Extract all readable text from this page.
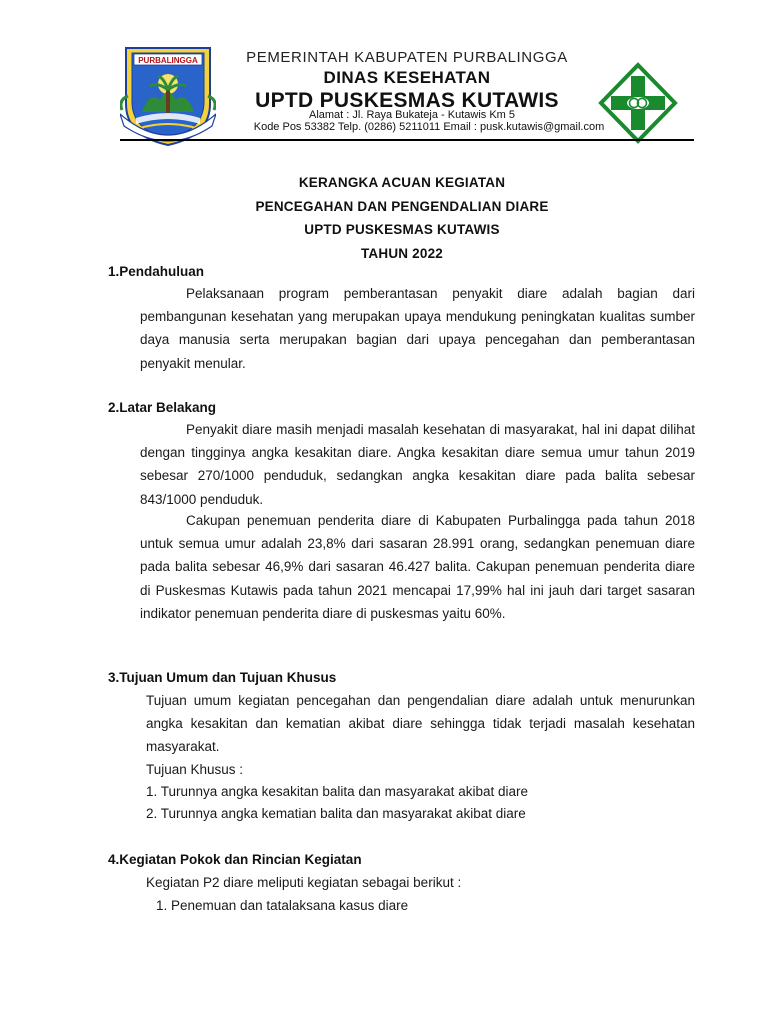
PURBALINGGA	PEMERINTAH KABUPATEN PURBALINGGA
DINAS KESEHATAN
UPTD PUSKESMAS KUTAWIS
Alamat : Jl. Raya Bukateja - Kutawis Km 5
Kode Pos 53382 Telp. (0286) 5211011 Email : pusk.kutawis@gmail.com
KERANGKA ACUAN KEGIATAN
PENCEGAHAN DAN PENGENDALIAN DIARE
UPTD PUSKESMAS KUTAWIS
TAHUN 2022
1.Pendahuluan

Pelaksanaan program pemberantasan penyakit diare adalah bagian dari pembangunan kesehatan yang merupakan upaya mendukung peningkatan kualitas sumber daya manusia serta merupakan bagian dari upaya pencegahan dan pemberantasan penyakit menular.

2.Latar Belakang

Penyakit diare masih menjadi masalah kesehatan di masyarakat, hal ini dapat dilihat dengan tingginya angka kesakitan diare. Angka kesakitan diare semua umur tahun 2019 sebesar 270/1000 penduduk, sedangkan angka kesakitan diare pada balita sebesar 843/1000 penduduk.

Cakupan penemuan penderita diare di Kabupaten Purbalingga pada tahun 2018 untuk semua umur adalah 23,8% dari sasaran 28.991 orang, sedangkan penemuan diare pada balita sebesar 46,9% dari sasaran 46.427 balita. Cakupan penemuan penderita diare di Puskesmas Kutawis pada tahun 2021 mencapai 17,99% hal ini jauh dari target sasaran indikator penemuan penderita diare di puskesmas yaitu 60%.

3.Tujuan Umum dan Tujuan Khusus

Tujuan umum kegiatan pencegahan dan pengendalian diare adalah untuk menurunkan angka kesakitan dan kematian akibat diare sehingga tidak terjadi masalah kesehatan masyarakat.

Tujuan Khusus :
1. Turunnya angka kesakitan balita dan masyarakat akibat diare
2. Turunnya angka kematian balita dan masyarakat akibat diare
4.Kegiatan Pokok dan Rincian Kegiatan
Kegiatan P2 diare meliputi kegiatan sebagai berikut :
1. Penemuan dan tatalaksana kasus diare
